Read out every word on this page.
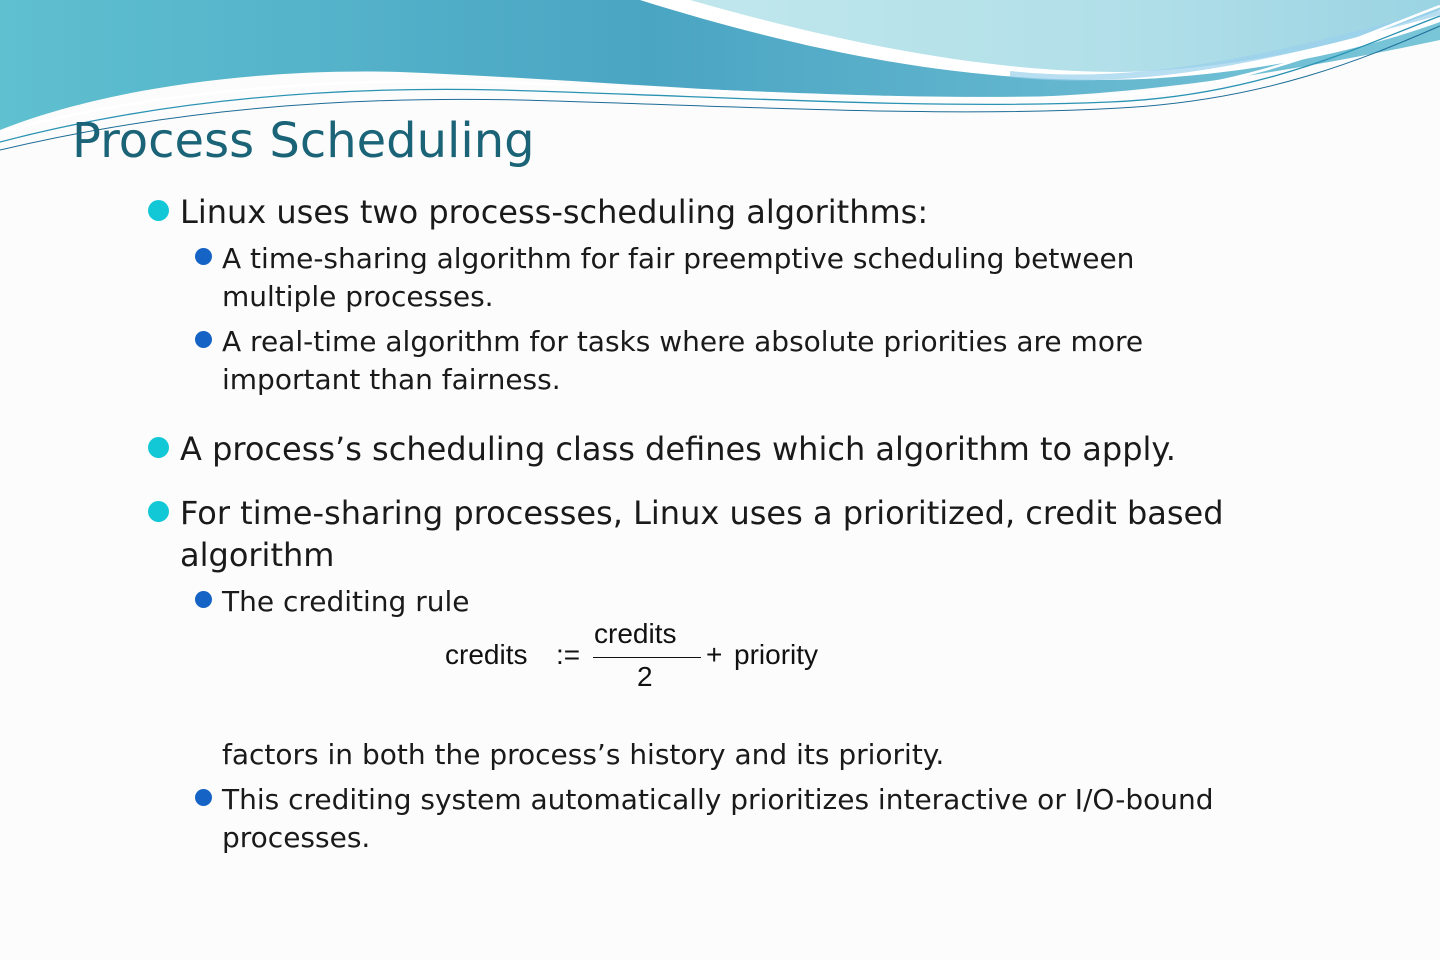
Process Scheduling
Linux uses two process-scheduling algorithms:
A time-sharing algorithm for fair preemptive scheduling between
multiple processes.
A real-time algorithm for tasks where absolute priorities are more
important than fairness.
A process’s scheduling class defines which algorithm to apply.
For time-sharing processes, Linux uses a prioritized, credit based
algorithm
The crediting rule
credits :=
credits
2
+ priority
factors in both the process’s history and its priority.
This crediting system automatically prioritizes interactive or I/O-bound
processes.
